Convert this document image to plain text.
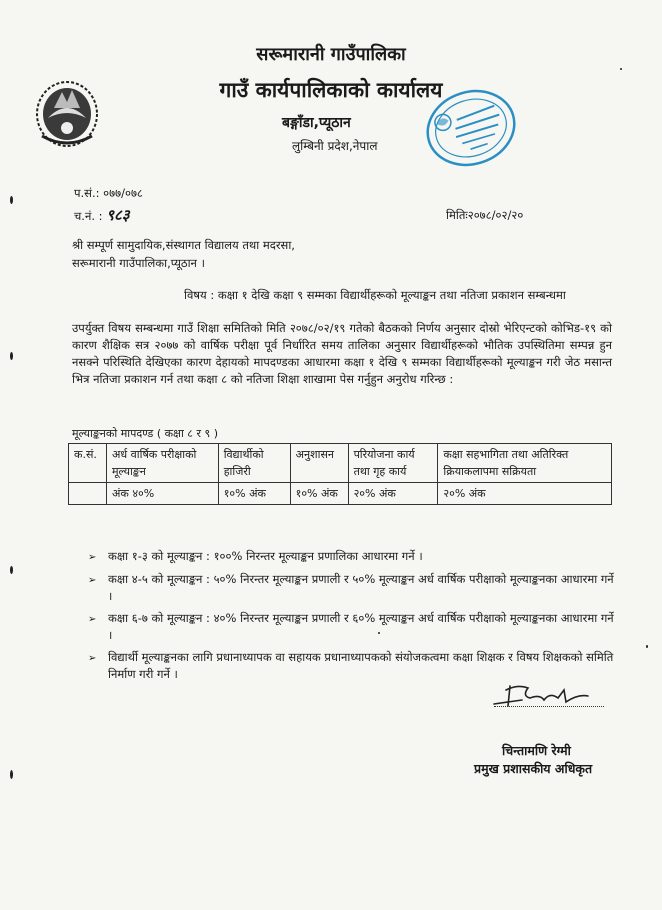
सरूमारानी गाउँपालिका
गाउँ कार्यपालिकाको कार्यालय
बङ्गाँडा,प्यूठान
लुम्बिनी प्रदेश,नेपाल
प.सं.: ०७७/०७८
च.नं. : ९८३	मितिः२०७८/०२/२०
श्री सम्पूर्ण सामुदायिक,संस्थागत विद्यालय तथा मदरसा,
सरूमारानी गाउँपालिका,प्यूठान ।
विषय : कक्षा १ देखि कक्षा ९ सम्मका विद्यार्थीहरूको मूल्याङ्कन तथा नतिजा प्रकाशन सम्बन्धमा
उपर्युक्त विषय सम्बन्धमा गाउँ शिक्षा समितिको मिति २०७८/०२/१९ गतेको बैठकको निर्णय अनुसार दोस्रो भेरिएन्टको कोभिड-१९ को कारण शैक्षिक सत्र २०७७ को वार्षिक परीक्षा पूर्व निर्धारित समय तालिका अनुसार विद्यार्थीहरूको भौतिक उपस्थितिमा सम्पन्न हुन नसक्ने परिस्थिति देखिएका कारण देहायको मापदण्डका आधारमा कक्षा १ देखि ९ सम्मका विद्यार्थीहरूको मूल्याङ्कन गरी जेठ मसान्त भित्र नतिजा प्रकाशन गर्न तथा कक्षा ८ को नतिजा शिक्षा शाखामा पेस गर्नुहुन अनुरोध गरिन्छ :
मूल्याङ्कनको मापदण्ड ( कक्षा ८ र ९ )
क.सं.	अर्ध वार्षिक परीक्षाको मूल्याङ्कन	विद्यार्थीको हाजिरी	अनुशासन	परियोजना कार्य तथा गृह कार्य	कक्षा सहभागिता तथा अतिरिक्त क्रियाकलापमा सक्रियता
	अंक ४०%	१०% अंक	१०% अंक	२०% अंक	२०% अंक
➢	कक्षा १-३ को मूल्याङ्कन : १००% निरन्तर मूल्याङ्कन प्रणालिका आधारमा गर्ने ।
➢	कक्षा ४-५ को मूल्याङ्कन : ५०% निरन्तर मूल्याङ्कन प्रणाली र ५०% मूल्याङ्कन अर्ध वार्षिक परीक्षाको मूल्याङ्कनका आधारमा गर्ने ।
➢	कक्षा ६-७ को मूल्याङ्कन : ४०% निरन्तर मूल्याङ्कन प्रणाली र ६०% मूल्याङ्कन अर्ध वार्षिक परीक्षाको मूल्याङ्कनका आधारमा गर्ने ।
➢	विद्यार्थी मूल्याङ्कनका लागि प्रधानाध्यापक वा सहायक प्रधानाध्यापकको संयोजकत्वमा कक्षा शिक्षक र विषय शिक्षकको समिति निर्माण गरी गर्ने ।
चिन्तामणि रेग्मी
प्रमुख प्रशासकीय अधिकृत
